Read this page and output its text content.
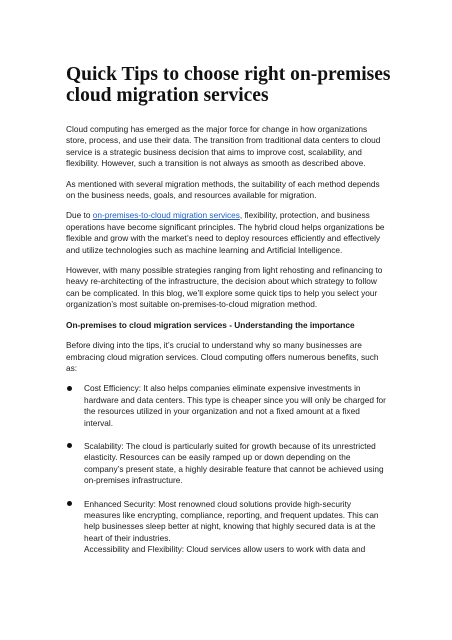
Quick Tips to choose right on-premises cloud migration services

Cloud computing has emerged as the major force for change in how organizations store, process, and use their data. The transition from traditional data centers to cloud service is a strategic business decision that aims to improve cost, scalability, and flexibility. However, such a transition is not always as smooth as described above.

As mentioned with several migration methods, the suitability of each method depends on the business needs, goals, and resources available for migration.

Due to on-premises-to-cloud migration services, flexibility, protection, and business operations have become significant principles. The hybrid cloud helps organizations be flexible and grow with the market’s need to deploy resources efficiently and effectively and utilize technologies such as machine learning and Artificial Intelligence.

However, with many possible strategies ranging from light rehosting and refinancing to heavy re-architecting of the infrastructure, the decision about which strategy to follow can be complicated. In this blog, we’ll explore some quick tips to help you select your organization’s most suitable on-premises-to-cloud migration method.

On-premises to cloud migration services - Understanding the importance

Before diving into the tips, it’s crucial to understand why so many businesses are embracing cloud migration services. Cloud computing offers numerous benefits, such as:

Cost Efficiency: It also helps companies eliminate expensive investments in hardware and data centers. This type is cheaper since you will only be charged for the resources utilized in your organization and not a fixed amount at a fixed interval.
Scalability: The cloud is particularly suited for growth because of its unrestricted elasticity. Resources can be easily ramped up or down depending on the company’s present state, a highly desirable feature that cannot be achieved using on-premises infrastructure.
Enhanced Security: Most renowned cloud solutions provide high-security measures like encrypting, compliance, reporting, and frequent updates. This can help businesses sleep better at night, knowing that highly secured data is at the heart of their industries.
Accessibility and Flexibility: Cloud services allow users to work with data and
